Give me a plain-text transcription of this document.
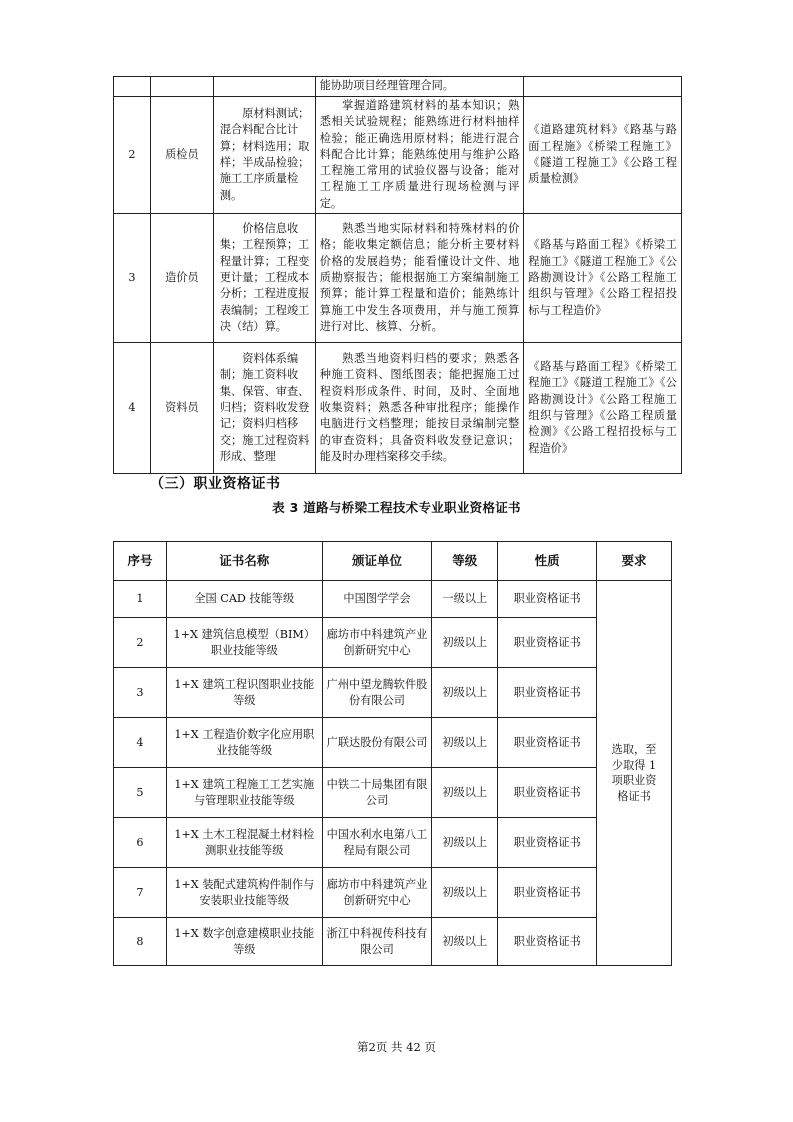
			能协助项目经理管理合同。	
2	质检员	原材料测试；混合料配合比计算；材料选用；取样；半成品检验；施工工序质量检测。	掌握道路建筑材料的基本知识；熟悉相关试验规程；能熟练进行材料抽样检验；能正确选用原材料；能进行混合料配合比计算；能熟练使用与维护公路工程施工常用的试验仪器与设备；能对工程施工工序质量进行现场检测与评定。	《道路建筑材料》《路基与路面工程施》《桥梁工程施工》《隧道工程施工》《公路工程质量检测》
3	造价员	价格信息收集；工程预算；工程量计算；工程变更计量；工程成本分析；工程进度报表编制；工程竣工决（结）算。	熟悉当地实际材料和特殊材料的价格；能收集定额信息；能分析主要材料价格的发展趋势；能看懂设计文件、地质勘察报告；能根据施工方案编制施工预算；能计算工程量和造价；能熟练计算施工中发生各项费用，并与施工预算进行对比、核算、分析。	《路基与路面工程》《桥梁工程施工》《隧道工程施工》《公路勘测设计》《公路工程施工组织与管理》《公路工程招投标与工程造价》
4	资料员	资料体系编制；施工资料收集、保管、审查、归档；资料收发登记；资料归档移交；施工过程资料形成、整理	熟悉当地资料归档的要求；熟悉各种施工资料、图纸图表；能把握施工过程资料形成条件、时间，及时、全面地收集资料；熟悉各种审批程序；能操作电脑进行文档整理；能按目录编制完整的审查资料；具备资料收发登记意识；能及时办理档案移交手续。	《路基与路面工程》《桥梁工程施工》《隧道工程施工》《公路勘测设计》《公路工程施工组织与管理》《公路工程质量检测》《公路工程招投标与工程造价》
（三）职业资格证书
表 3 道路与桥梁工程技术专业职业资格证书
序号	证书名称	颁证单位	等级	性质	要求
1	全国 CAD 技能等级	中国图学学会	一级以上	职业资格证书	选取，至少取得 1 项职业资格证书
2	1+X 建筑信息模型（BIM）职业技能等级	廊坊市中科建筑产业创新研究中心	初级以上	职业资格证书	
3	1+X 建筑工程识图职业技能等级	广州中望龙腾软件股份有限公司	初级以上	职业资格证书	
4	1+X 工程造价数字化应用职业技能等级	广联达股份有限公司	初级以上	职业资格证书	
5	1+X 建筑工程施工工艺实施与管理职业技能等级	中铁二十局集团有限公司	初级以上	职业资格证书	
6	1+X 土木工程混凝土材料检测职业技能等级	中国水利水电第八工程局有限公司	初级以上	职业资格证书	
7	1+X 装配式建筑构件制作与安装职业技能等级	廊坊市中科建筑产业创新研究中心	初级以上	职业资格证书	
8	1+X 数字创意建模职业技能等级	浙江中科视传科技有限公司	初级以上	职业资格证书	
第2页 共 42 页
